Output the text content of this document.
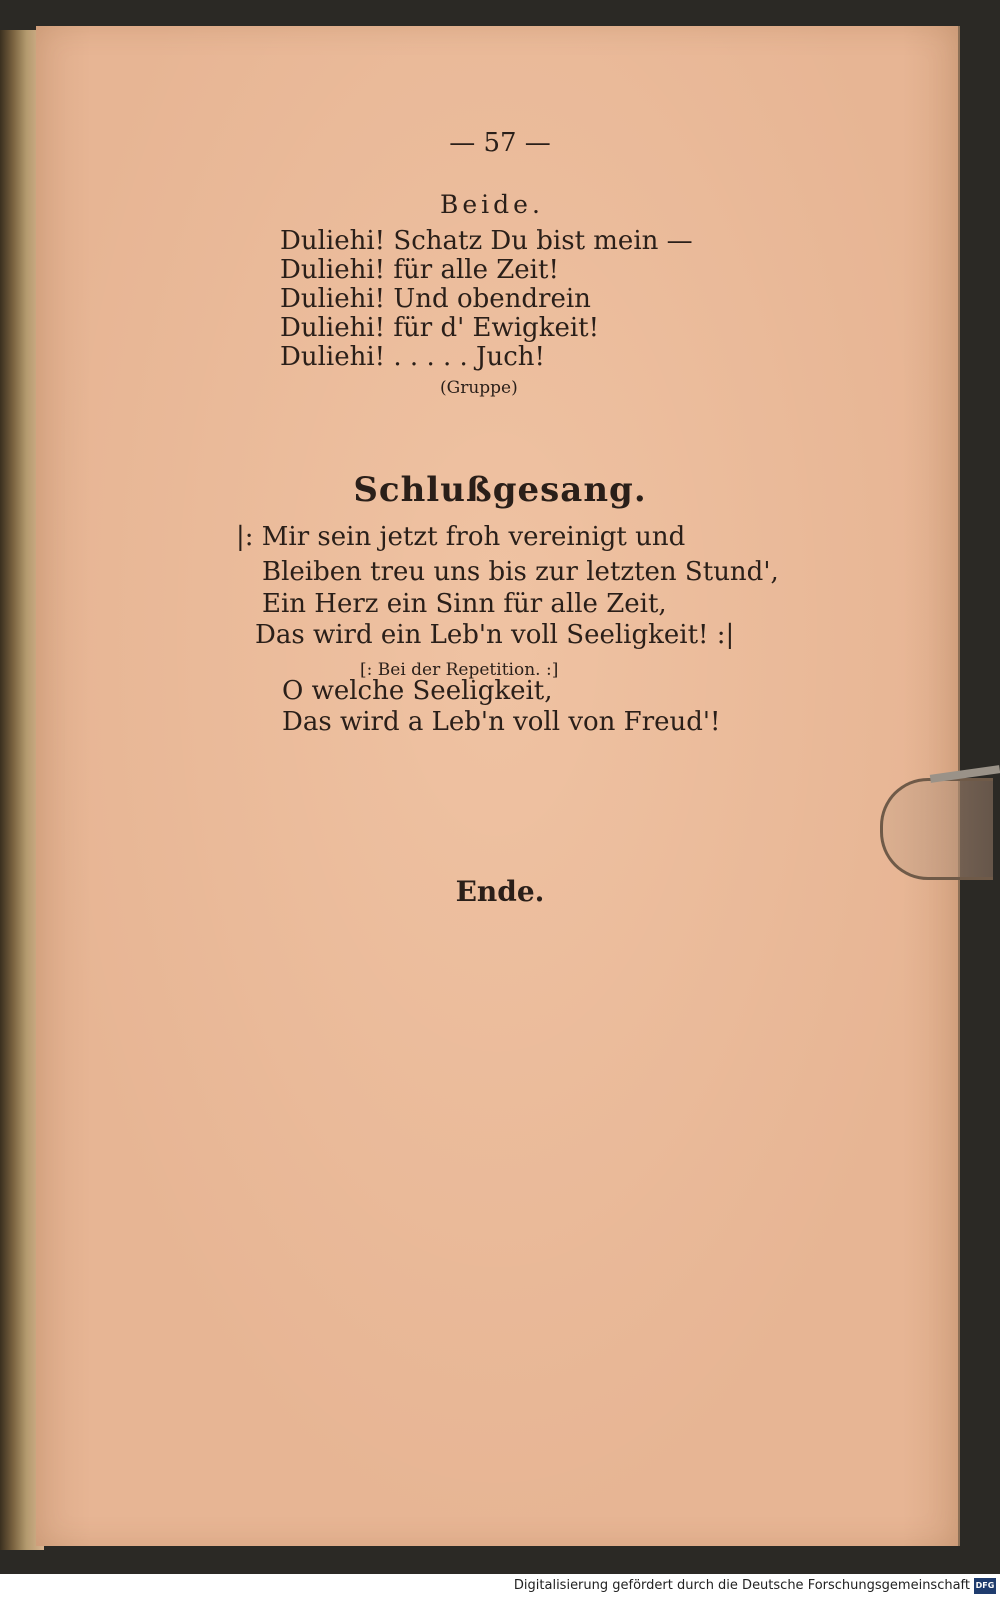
— 57 —
Beide.
Duliehi! Schatz Du bist mein —
Duliehi! für alle Zeit!
Duliehi! Und obendrein
Duliehi! für d' Ewigkeit!
Duliehi! . . . . . Juch!
(Gruppe)
Schlußgesang.
|: Mir sein jetzt froh vereinigt und
Bleiben treu uns bis zur letzten Stund',
Ein Herz ein Sinn für alle Zeit,
Das wird ein Leb'n voll Seeligkeit! :|
[: Bei der Repetition. :]
O welche Seeligkeit,
Das wird a Leb'n voll von Freud'!
Ende.
Digitalisierung gefördert durch die Deutsche Forschungsgemeinschaft DFG
